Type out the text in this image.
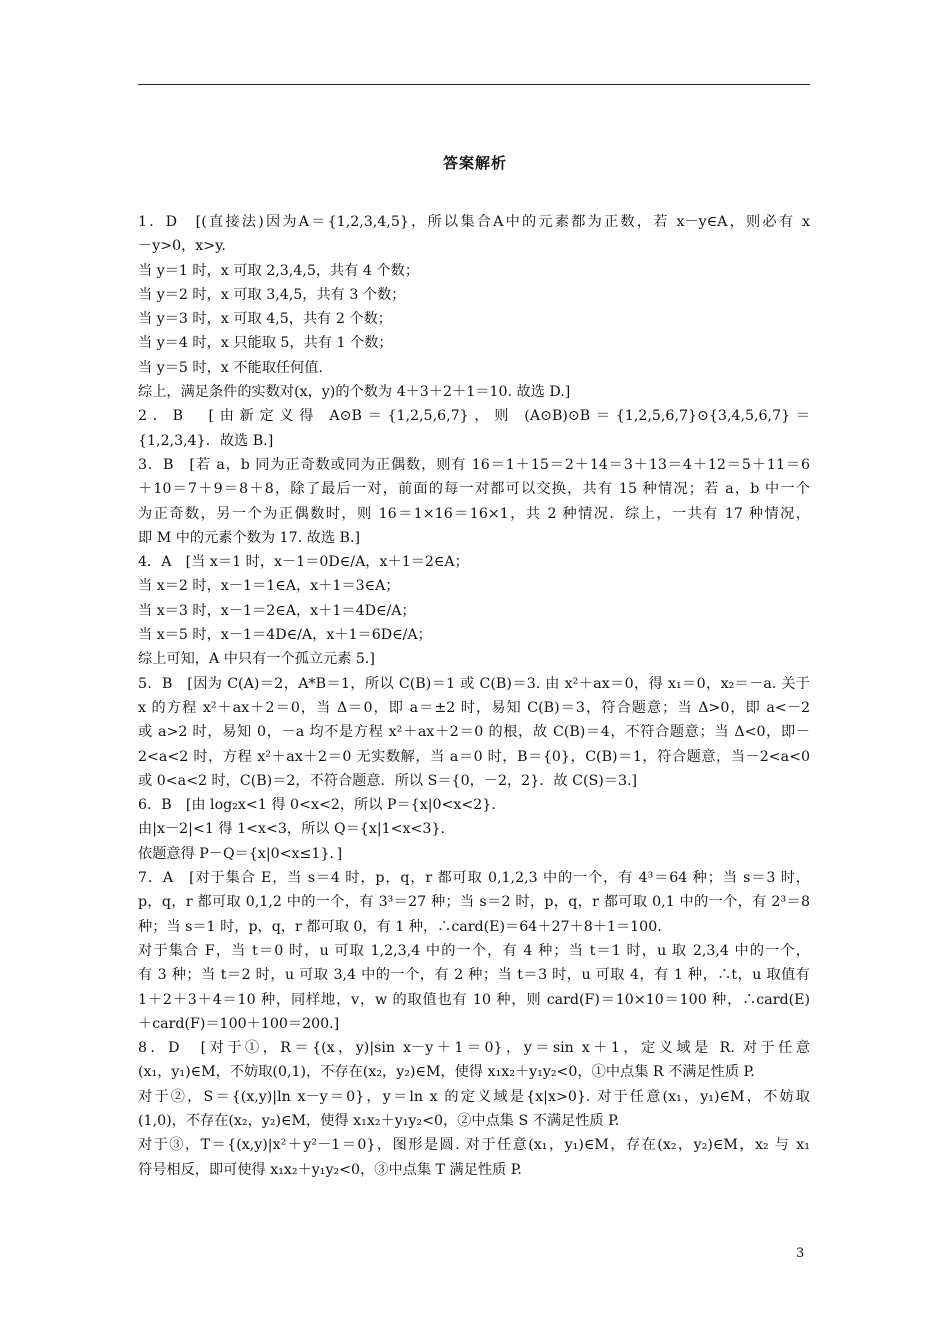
答案解析
1．D　[(直接法)因为A＝{1,2,3,4,5}，所以集合A中的元素都为正数，若 x－y∈A，则必有 x
－y>0，x>y.
当 y＝1 时，x 可取 2,3,4,5，共有 4 个数；
当 y＝2 时，x 可取 3,4,5，共有 3 个数；
当 y＝3 时，x 可取 4,5，共有 2 个数；
当 y＝4 时，x 只能取 5，共有 1 个数；
当 y＝5 时，x 不能取任何值.
综上，满足条件的实数对(x，y)的个数为 4＋3＋2＋1＝10. 故选 D.]
2．B　[由新定义得 A⊙B＝{1,2,5,6,7}，则 (A⊙B)⊙B＝{1,2,5,6,7}⊙{3,4,5,6,7}＝
{1,2,3,4}．故选 B.]
3．B　[若 a，b 同为正奇数或同为正偶数，则有 16＝1＋15＝2＋14＝3＋13＝4＋12＝5＋11＝6
＋10＝7＋9＝8＋8，除了最后一对，前面的每一对都可以交换，共有 15 种情况；若 a，b 中一个
为正奇数，另一个为正偶数时，则 16＝1×16＝16×1，共 2 种情况．综上，一共有 17 种情况，
即 M 中的元素个数为 17. 故选 B.]
4．A　[当 x＝1 时，x－1＝0D∈/A，x＋1＝2∈A；
当 x＝2 时，x－1＝1∈A，x＋1＝3∈A；
当 x＝3 时，x－1＝2∈A，x＋1＝4D∈/A；
当 x＝5 时，x－1＝4D∈/A，x＋1＝6D∈/A；
综上可知，A 中只有一个孤立元素 5.]
5．B　[因为 C(A)＝2，A*B＝1，所以 C(B)＝1 或 C(B)＝3. 由 x²＋ax＝0，得 x₁＝0，x₂＝－a. 关于
x 的方程 x²＋ax＋2＝0，当 Δ＝0，即 a＝±2 时，易知 C(B)＝3，符合题意；当 Δ>0，即 a<－2
或 a>2 时，易知 0，－a 均不是方程 x²＋ax＋2＝0 的根，故 C(B)＝4，不符合题意；当 Δ<0，即－
2<a<2 时，方程 x²＋ax＋2＝0 无实数解，当 a＝0 时，B＝{0}，C(B)＝1，符合题意，当－2<a<0
或 0<a<2 时，C(B)＝2，不符合题意．所以 S＝{0，－2，2}．故 C(S)＝3.]
6．B　[由 log₂x<1 得 0<x<2，所以 P＝{x|0<x<2}.
由|x－2|<1 得 1<x<3，所以 Q＝{x|1<x<3}.
依题意得 P－Q＝{x|0<x≤1}．]
7．A　[对于集合 E，当 s＝4 时，p，q，r 都可取 0,1,2,3 中的一个，有 4³＝64 种；当 s＝3 时，
p，q，r 都可取 0,1,2 中的一个，有 3³＝27 种；当 s＝2 时，p，q，r 都可取 0,1 中的一个，有 2³＝8
种；当 s＝1 时，p，q，r 都可取 0，有 1 种，∴card(E)＝64＋27＋8＋1＝100.
对于集合 F，当 t＝0 时，u 可取 1,2,3,4 中的一个，有 4 种；当 t＝1 时，u 取 2,3,4 中的一个，
有 3 种；当 t＝2 时，u 可取 3,4 中的一个，有 2 种；当 t＝3 时，u 可取 4，有 1 种，∴t，u 取值有
1＋2＋3＋4＝10 种，同样地，v，w 的取值也有 10 种，则 card(F)＝10×10＝100 种，∴card(E)
＋card(F)＝100＋100＝200.]
8．D　[对于①，R＝{(x，y)|sin x－y＋1＝0}，y＝sin x＋1，定义域是 R. 对于任意
(x₁，y₁)∈M，不妨取(0,1)，不存在(x₂，y₂)∈M，使得 x₁x₂＋y₁y₂<0，①中点集 R 不满足性质 P.
对于②，S＝{(x,y)|ln x－y＝0}，y＝ln x 的定义域是{x|x>0}. 对于任意(x₁，y₁)∈M，不妨取
(1,0)，不存在(x₂，y₂)∈M，使得 x₁x₂＋y₁y₂<0，②中点集 S 不满足性质 P.
对于③，T＝{(x,y)|x²＋y²－1＝0}，图形是圆. 对于任意(x₁，y₁)∈M，存在(x₂，y₂)∈M，x₂ 与 x₁
符号相反，即可使得 x₁x₂＋y₁y₂<0，③中点集 T 满足性质 P.
3
